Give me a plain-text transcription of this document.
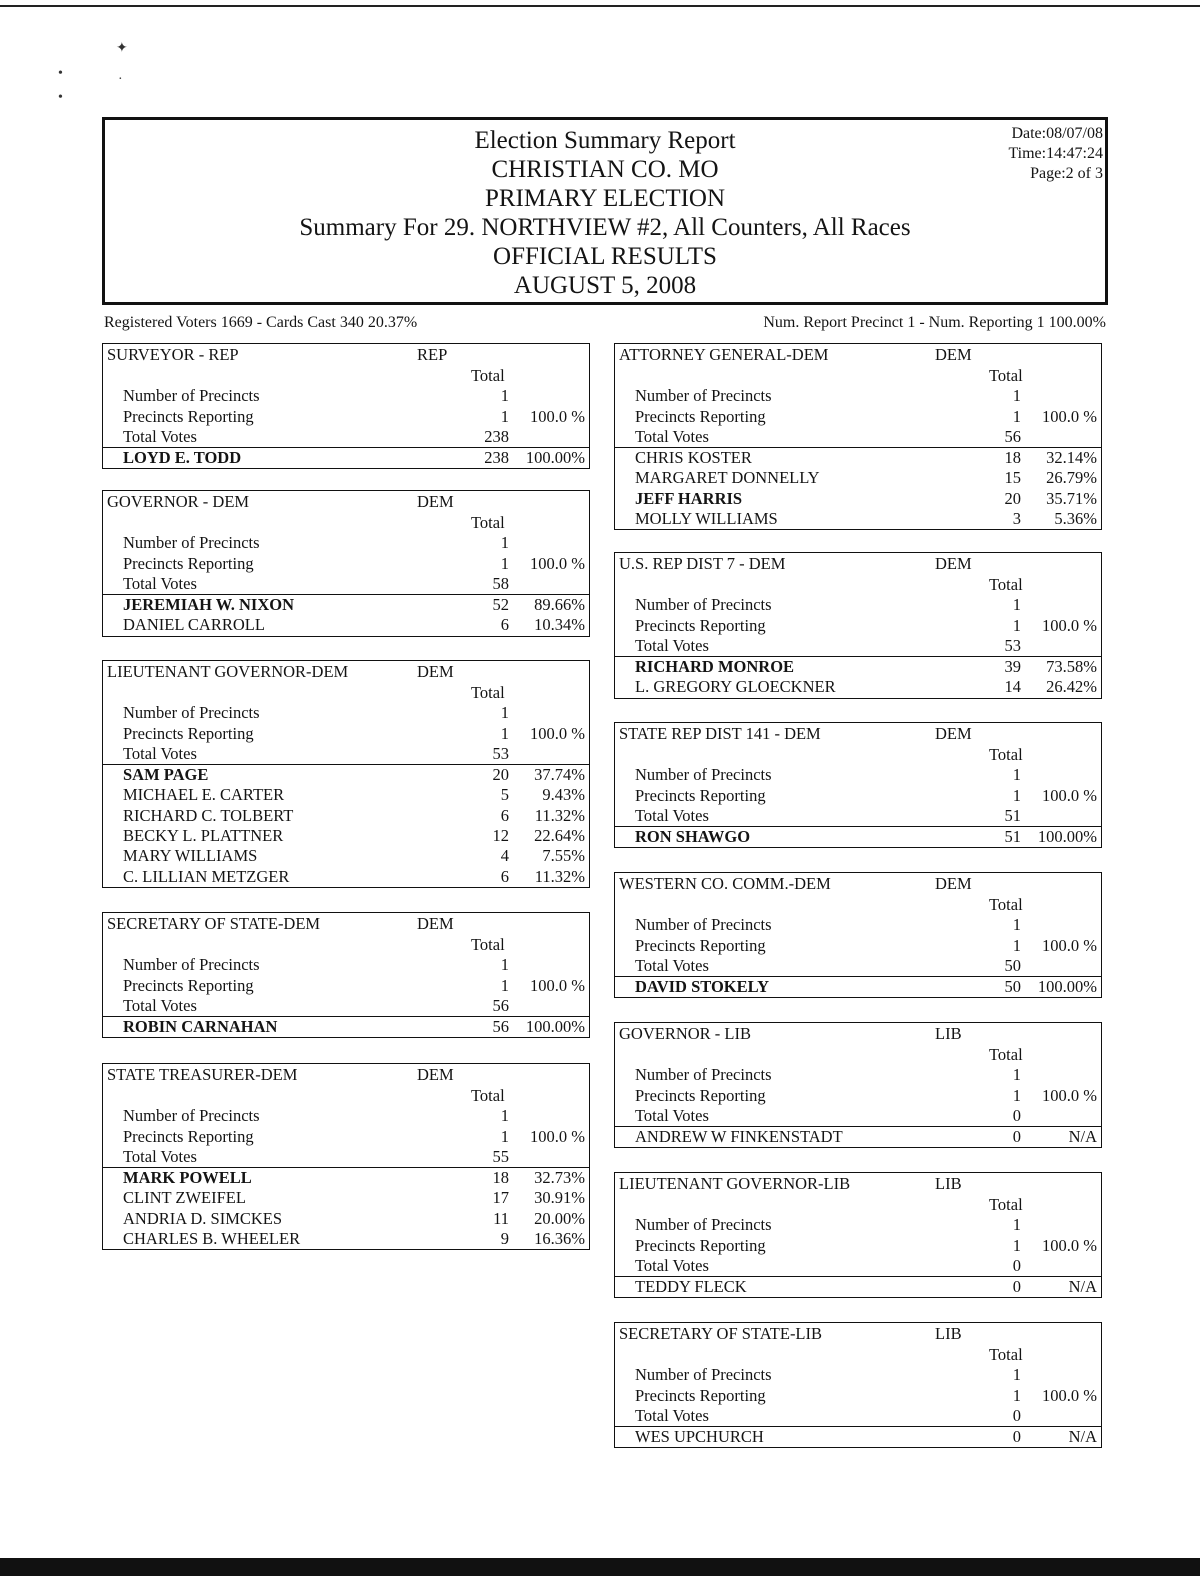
✦
•	·
•
Election Summary Report
CHRISTIAN CO. MO
PRIMARY ELECTION
Summary For 29. NORTHVIEW #2, All Counters, All Races
OFFICIAL RESULTS
AUGUST 5, 2008
Date:08/07/08
Time:14:47:24
Page:2 of 3
Registered Voters 1669 - Cards Cast 340 20.37%	Num. Report Precinct 1 - Num. Reporting 1 100.00%
SURVEYOR - REP	REP
Total
Number of Precincts	1
Precincts Reporting	1 100.0 %
Total Votes	238
LOYD E. TODD	238 100.00%
GOVERNOR - DEM	DEM
Total
Number of Precincts	1
Precincts Reporting	1 100.0 %
Total Votes	58
JEREMIAH W. NIXON	52 89.66%
DANIEL CARROLL	6 10.34%
LIEUTENANT GOVERNOR-DEM	DEM
Total
Number of Precincts	1
Precincts Reporting	1 100.0 %
Total Votes	53
SAM PAGE	20 37.74%
MICHAEL E. CARTER	5 9.43%
RICHARD C. TOLBERT	6 11.32%
BECKY L. PLATTNER	12 22.64%
MARY WILLIAMS	4 7.55%
C. LILLIAN METZGER	6 11.32%
SECRETARY OF STATE-DEM	DEM
Total
Number of Precincts	1
Precincts Reporting	1 100.0 %
Total Votes	56
ROBIN CARNAHAN	56 100.00%
STATE TREASURER-DEM	DEM
Total
Number of Precincts	1
Precincts Reporting	1 100.0 %
Total Votes	55
MARK POWELL	18 32.73%
CLINT ZWEIFEL	17 30.91%
ANDRIA D. SIMCKES	11 20.00%
CHARLES B. WHEELER	9 16.36%
ATTORNEY GENERAL-DEM	DEM
Total
Number of Precincts	1
Precincts Reporting	1 100.0 %
Total Votes	56
CHRIS KOSTER	18 32.14%
MARGARET DONNELLY	15 26.79%
JEFF HARRIS	20 35.71%
MOLLY WILLIAMS	3 5.36%
U.S. REP DIST 7 - DEM	DEM
Total
Number of Precincts	1
Precincts Reporting	1 100.0 %
Total Votes	53
RICHARD MONROE	39 73.58%
L. GREGORY GLOECKNER	14 26.42%
STATE REP DIST 141 - DEM	DEM
Total
Number of Precincts	1
Precincts Reporting	1 100.0 %
Total Votes	51
RON SHAWGO	51 100.00%
WESTERN CO. COMM.-DEM	DEM
Total
Number of Precincts	1
Precincts Reporting	1 100.0 %
Total Votes	50
DAVID STOKELY	50 100.00%
GOVERNOR - LIB	LIB
Total
Number of Precincts	1
Precincts Reporting	1 100.0 %
Total Votes	0
ANDREW W FINKENSTADT	0	N/A
LIEUTENANT GOVERNOR-LIB	LIB
Total
Number of Precincts	1
Precincts Reporting	1 100.0 %
Total Votes	0
TEDDY FLECK	0	N/A
SECRETARY OF STATE-LIB	LIB
Total
Number of Precincts	1
Precincts Reporting	1 100.0 %
Total Votes	0
WES UPCHURCH	0	N/A
